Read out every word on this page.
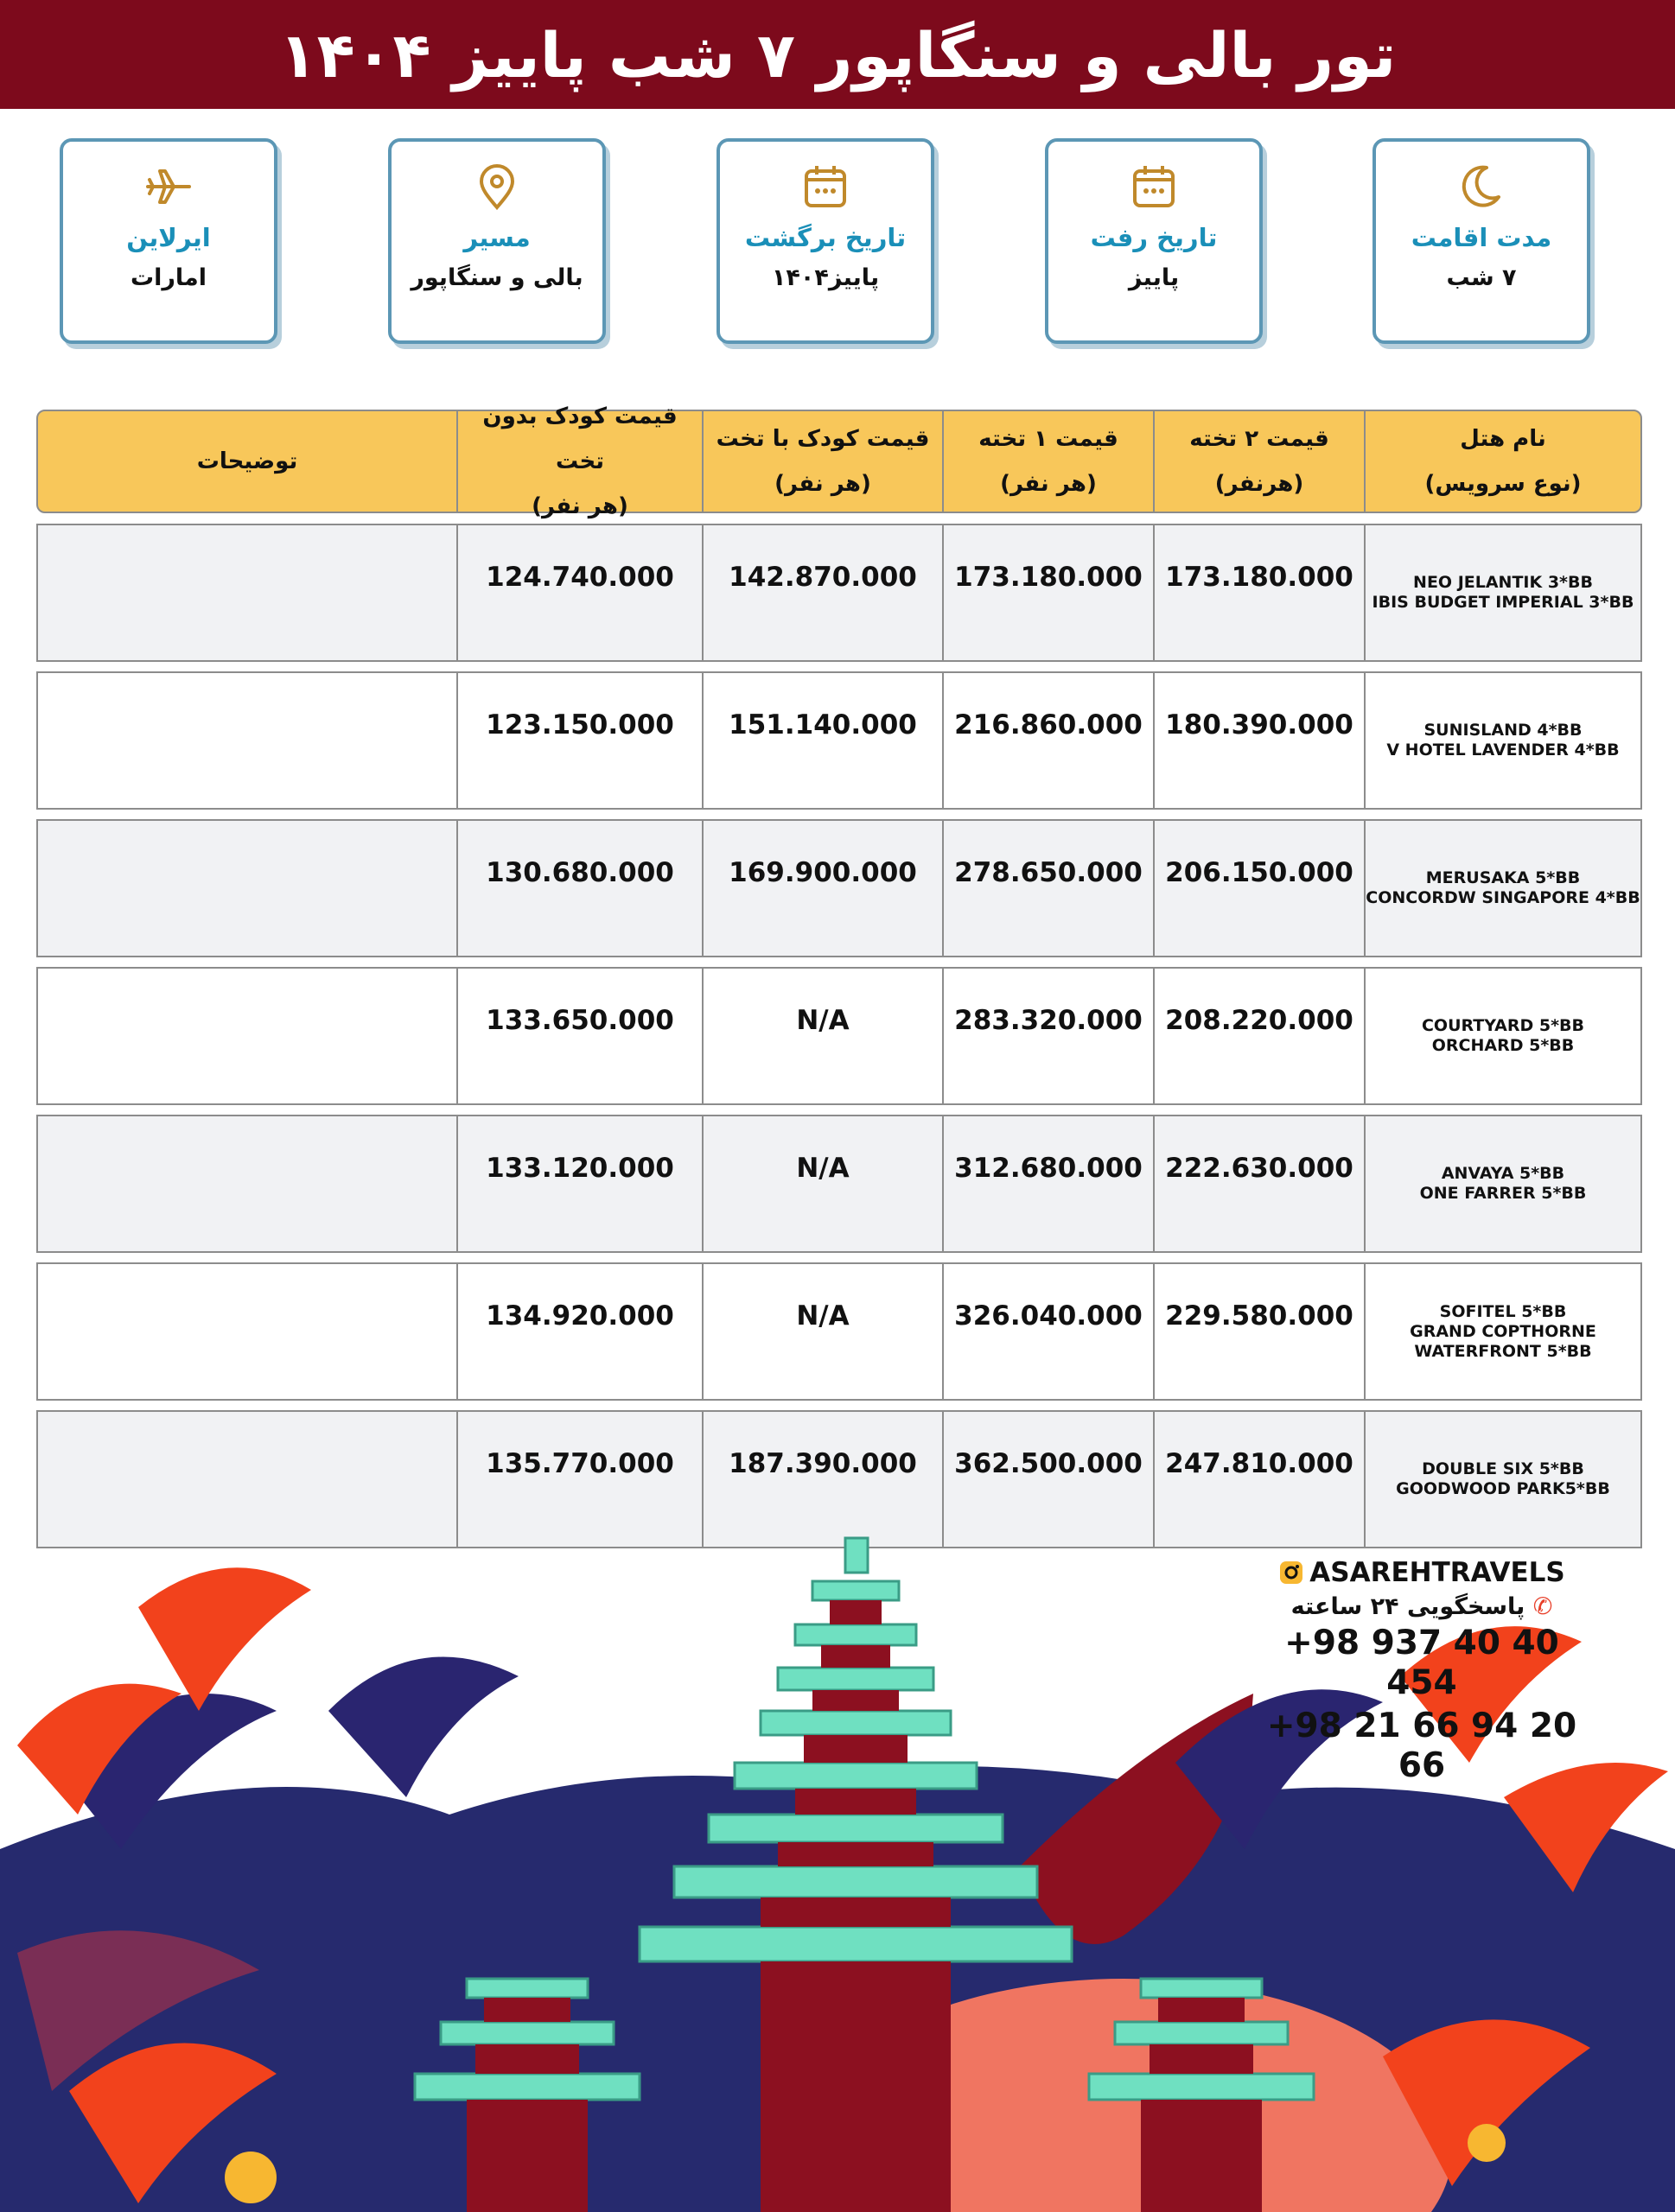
تور بالی و سنگاپور ۷ شب پاییز ۱۴۰۴
مدت اقامت
۷ شب
تاریخ رفت
پاییز
تاریخ برگشت
پاییز۱۴۰۴
مسیر
بالی و سنگاپور
ایرلاین
امارات
نام هتل
(نوع سرویس)
قیمت ۲ تخته
(هرنفر)
قیمت ۱ تخته
(هر نفر)
قیمت کودک با تخت
(هر نفر)
قیمت کودک بدون تخت
(هر نفر)
توضیحات
NEO JELANTIK 3*BB
IBIS BUDGET IMPERIAL 3*BB
173.180.000
173.180.000
142.870.000
124.740.000
SUNISLAND 4*BB
V HOTEL LAVENDER 4*BB
180.390.000
216.860.000
151.140.000
123.150.000
MERUSAKA 5*BB
CONCORDW SINGAPORE 4*BB
206.150.000
278.650.000
169.900.000
130.680.000
COURTYARD 5*BB
ORCHARD 5*BB
208.220.000
283.320.000
N/A
133.650.000
ANVAYA 5*BB
ONE FARRER 5*BB
222.630.000
312.680.000
N/A
133.120.000
SOFITEL 5*BB
GRAND COPTHORNE
WATERFRONT 5*BB
229.580.000
326.040.000
N/A
134.920.000
DOUBLE SIX 5*BB
GOODWOOD PARK5*BB
247.810.000
362.500.000
187.390.000
135.770.000
ASAREHTRAVELS
✆ پاسخگویی ۲۴ ساعته
+98 937 40 40 454
+98 21 66 94 20 66
